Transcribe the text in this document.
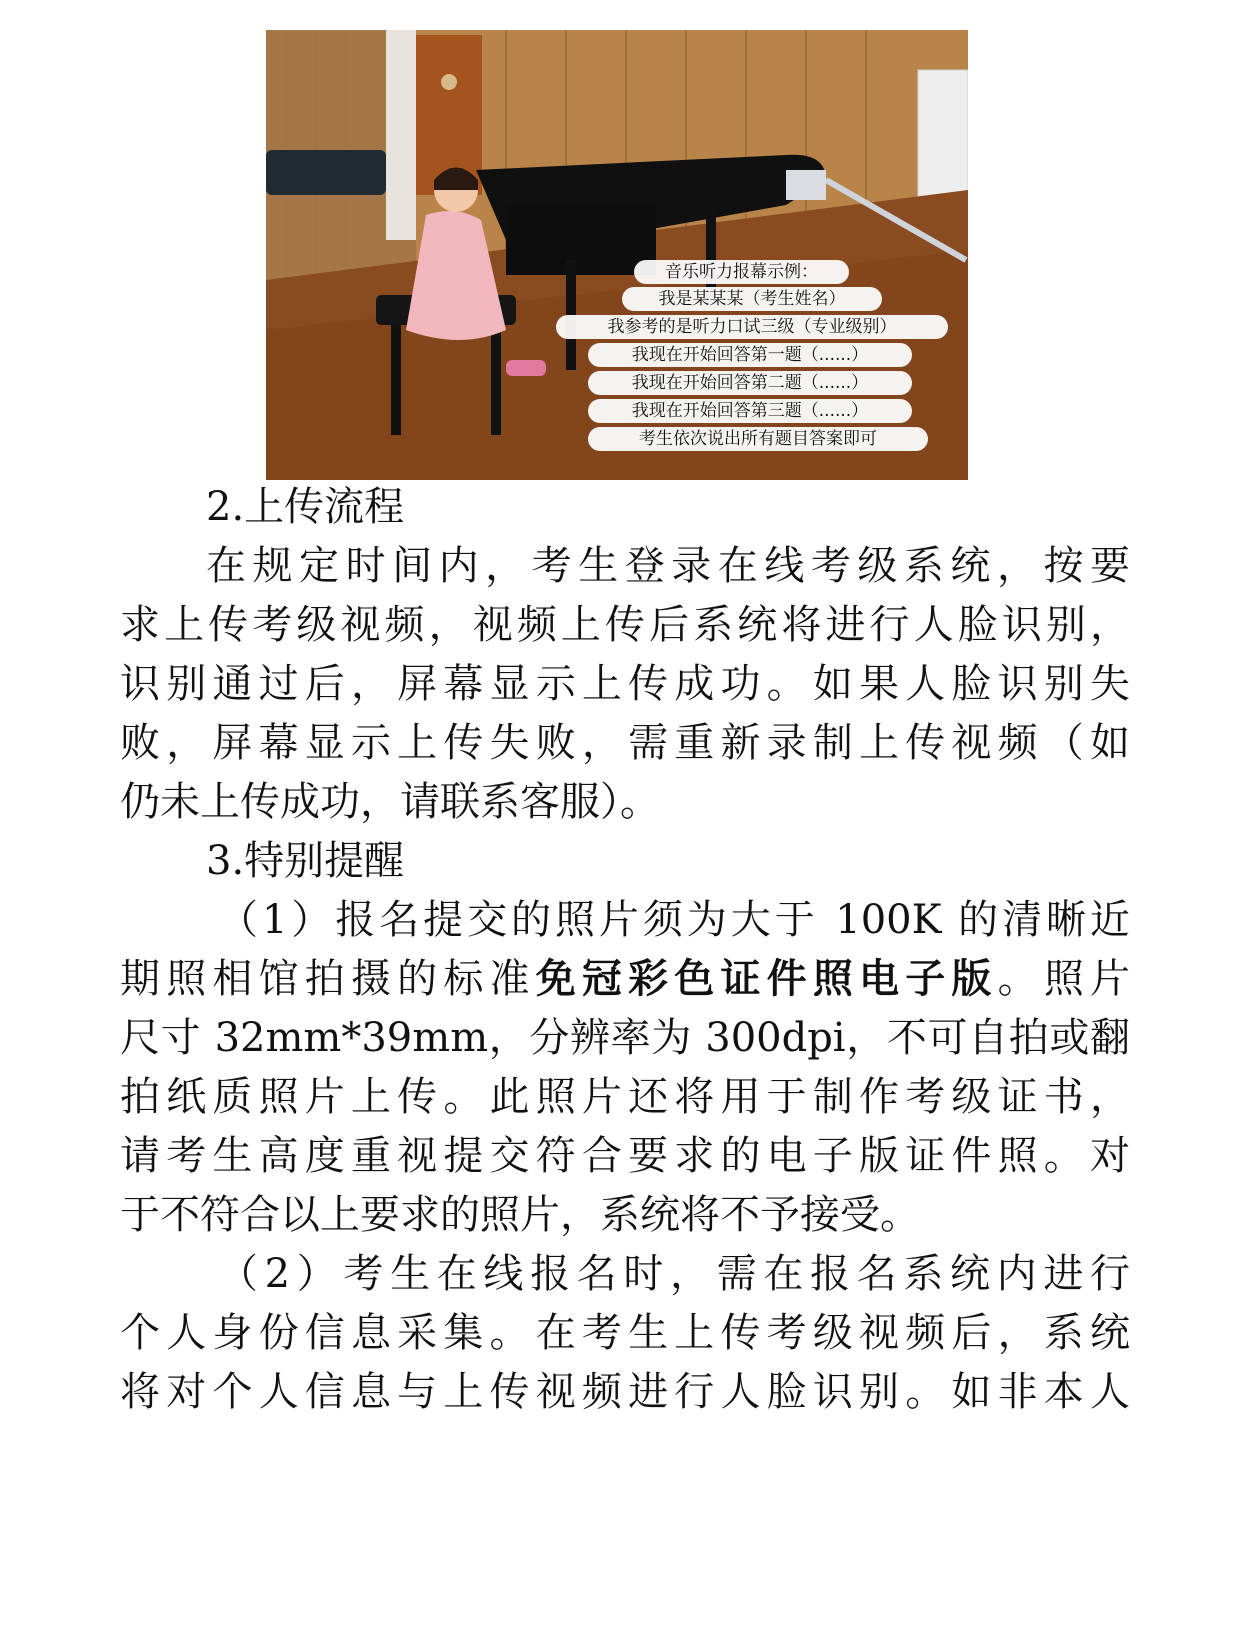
音乐听力报幕示例：
我是某某某（考生姓名）
我参考的是听力口试三级（专业级别）
我现在开始回答第一题（......）
我现在开始回答第二题（......）
我现在开始回答第三题（......）
考生依次说出所有题目答案即可
2.上传流程
在规定时间内，考生登录在线考级系统，按要
求上传考级视频，视频上传后系统将进行人脸识别，
识别通过后，屏幕显示上传成功。如果人脸识别失
败，屏幕显示上传失败，需重新录制上传视频（如
仍未上传成功，请联系客服）。
3.特别提醒
（1）报名提交的照片须为大于 100K 的清晰近
期照相馆拍摄的标准免冠彩色证件照电子版。照片
尺寸 32mm*39mm，分辨率为 300dpi，不可自拍或翻
拍纸质照片上传。此照片还将用于制作考级证书，
请考生高度重视提交符合要求的电子版证件照。对
于不符合以上要求的照片，系统将不予接受。
（2）考生在线报名时，需在报名系统内进行
个人身份信息采集。在考生上传考级视频后，系统
将对个人信息与上传视频进行人脸识别。如非本人
